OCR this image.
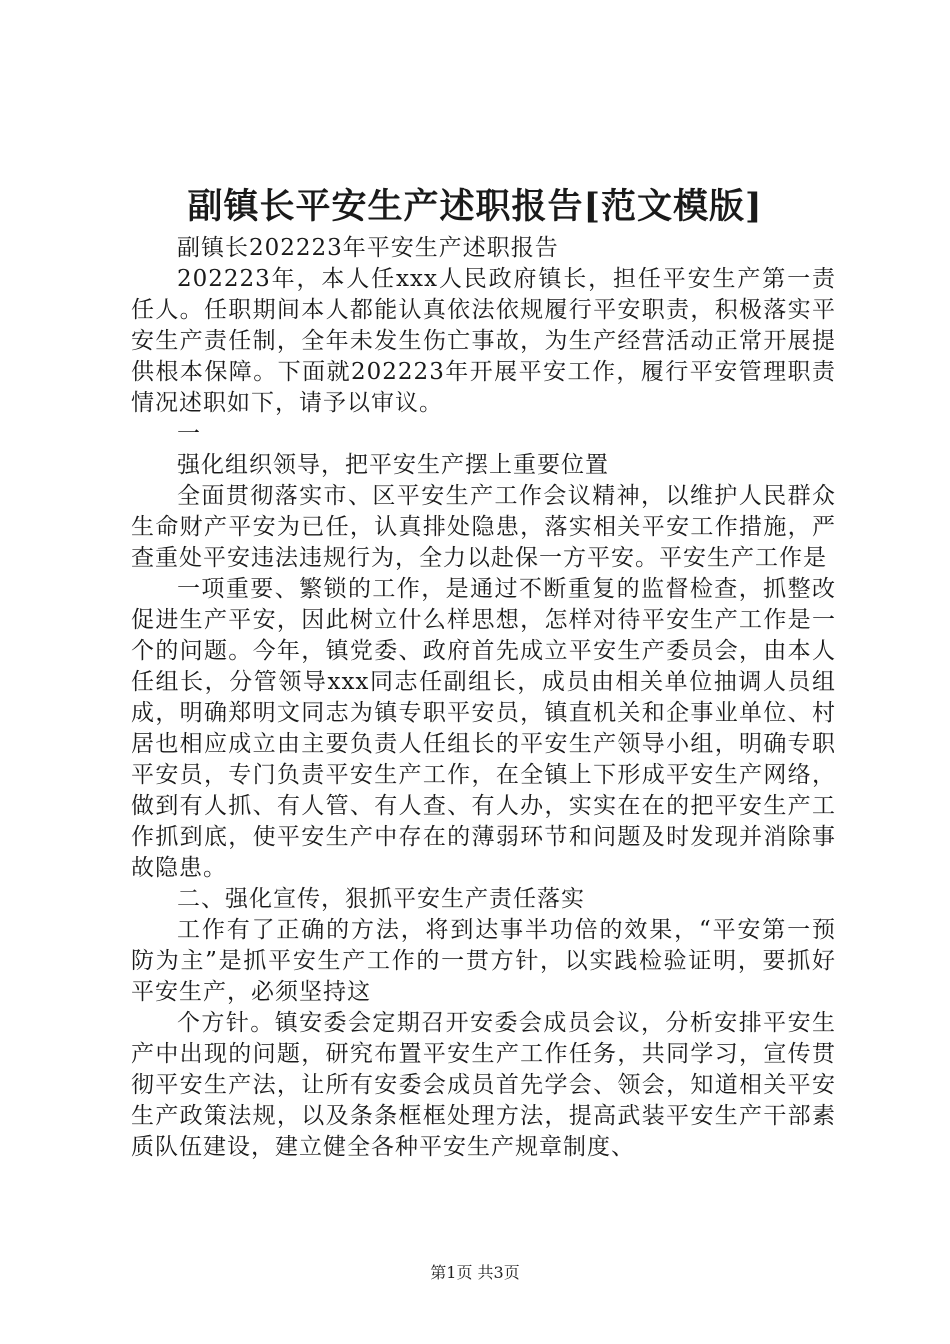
副镇长平安生产述职报告[范文模版]

副镇长202223年平安生产述职报告

202223年，本人任xxx人民政府镇长，担任平安生产第一责任人。任职期间本人都能认真依法依规履行平安职责，积极落实平安生产责任制，全年未发生伤亡事故，为生产经营活动正常开展提供根本保障。下面就202223年开展平安工作，履行平安管理职责情况述职如下，请予以审议。

一

强化组织领导，把平安生产摆上重要位置

全面贯彻落实市、区平安生产工作会议精神，以维护人民群众生命财产平安为已任，认真排处隐患，落实相关平安工作措施，严查重处平安违法违规行为，全力以赴保一方平安。平安生产工作是

一项重要、繁锁的工作，是通过不断重复的监督检查，抓整改促进生产平安，因此树立什么样思想，怎样对待平安生产工作是一个的问题。今年，镇党委、政府首先成立平安生产委员会，由本人任组长，分管领导xxx同志任副组长，成员由相关单位抽调人员组成，明确郑明文同志为镇专职平安员，镇直机关和企事业单位、村居也相应成立由主要负责人任组长的平安生产领导小组，明确专职平安员，专门负责平安生产工作，在全镇上下形成平安生产网络，做到有人抓、有人管、有人查、有人办，实实在在的把平安生产工作抓到底，使平安生产中存在的薄弱环节和问题及时发现并消除事故隐患。

二、强化宣传，狠抓平安生产责任落实

工作有了正确的方法，将到达事半功倍的效果，“平安第一预防为主”是抓平安生产工作的一贯方针，以实践检验证明，要抓好平安生产，必须坚持这

个方针。镇安委会定期召开安委会成员会议，分析安排平安生产中出现的问题，研究布置平安生产工作任务，共同学习，宣传贯彻平安生产法，让所有安委会成员首先学会、领会，知道相关平安生产政策法规，以及条条框框处理方法，提高武装平安生产干部素质队伍建设，建立健全各种平安生产规章制度、

第1页 共3页
